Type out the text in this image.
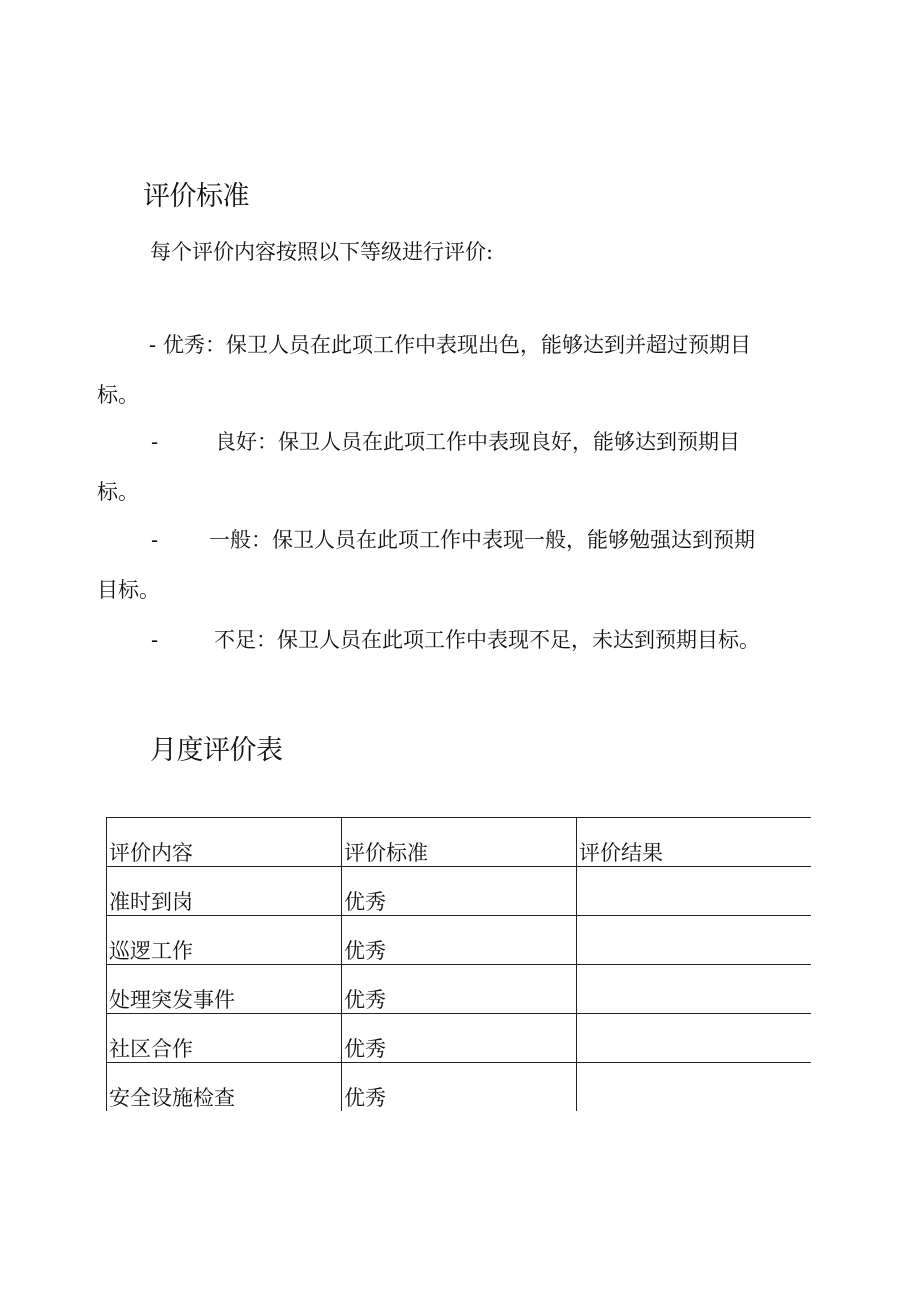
评价标准

每个评价内容按照以下等级进行评价:

- 优秀：保卫人员在此项工作中表现出色，能够达到并超过预期目
标。
-	良好：保卫人员在此项工作中表现良好，能够达到预期目
标。
- 一般：保卫人员在此项工作中表现一般，能够勉强达到预期
目标。
-	不足：保卫人员在此项工作中表现不足，未达到预期目标。
月度评价表
评价内容	评价标准	评价结果
准时到岗	优秀	
巡逻工作	优秀	
处理突发事件	优秀	
社区合作	优秀	
安全设施检查	优秀	
